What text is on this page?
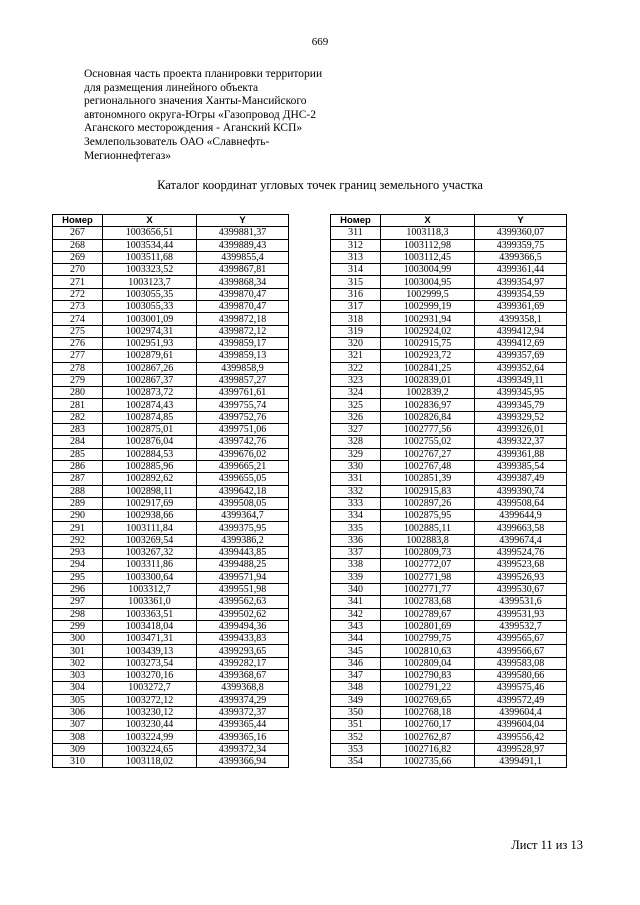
669
Основная часть проекта планировки территории
для размещения линейного объекта
регионального значения Ханты-Мансийского
автономного округа-Югры «Газопровод ДНС-2
Аганского месторождения - Аганский КСП»
Землепользователь ОАО «Славнефть-
Мегионнефтегаз»
Каталог координат угловых точек границ земельного участка
Номер	X	Y
267	1003656,51	4399881,37
268	1003534,44	4399889,43
269	1003511,68	4399855,4
270	1003323,52	4399867,81
271	1003123,7	4399868,34
272	1003055,35	4399870,47
273	1003055,33	4399870,47
274	1003001,09	4399872,18
275	1002974,31	4399872,12
276	1002951,93	4399859,17
277	1002879,61	4399859,13
278	1002867,26	4399858,9
279	1002867,37	4399857,27
280	1002873,72	4399761,61
281	1002874,43	4399755,74
282	1002874,85	4399752,76
283	1002875,01	4399751,06
284	1002876,04	4399742,76
285	1002884,53	4399676,02
286	1002885,96	4399665,21
287	1002892,62	4399655,05
288	1002898,11	4399642,18
289	1002917,69	4399508,05
290	1002938,66	4399364,7
291	1003111,84	4399375,95
292	1003269,54	4399386,2
293	1003267,32	4399443,85
294	1003311,86	4399488,25
295	1003300,64	4399571,94
296	1003312,7	4399551,98
297	1003361,0	4399562,63
298	1003363,51	4399502,62
299	1003418,04	4399494,36
300	1003471,31	4399433,83
301	1003439,13	4399293,65
302	1003273,54	4399282,17
303	1003270,16	4399368,67
304	1003272,7	4399368,8
305	1003272,12	4399374,29
306	1003230,12	4399372,37
307	1003230,44	4399365,44
308	1003224,99	4399365,16
309	1003224,65	4399372,34
310	1003118,02	4399366,94
Номер	X	Y
311	1003118,3	4399360,07
312	1003112,98	4399359,75
313	1003112,45	4399366,5
314	1003004,99	4399361,44
315	1003004,95	4399354,97
316	1002999,5	4399354,59
317	1002999,19	4399361,69
318	1002931,94	4399358,1
319	1002924,02	4399412,94
320	1002915,75	4399412,69
321	1002923,72	4399357,69
322	1002841,25	4399352,64
323	1002839,01	4399349,11
324	1002839,2	4399345,95
325	1002836,97	4399345,79
326	1002826,84	4399329,52
327	1002777,56	4399326,01
328	1002755,02	4399322,37
329	1002767,27	4399361,88
330	1002767,48	4399385,54
331	1002851,39	4399387,49
332	1002915,83	4399390,74
333	1002897,26	4399508,64
334	1002875,95	4399644,9
335	1002885,11	4399663,58
336	1002883,8	4399674,4
337	1002809,73	4399524,76
338	1002772,07	4399523,68
339	1002771,98	4399526,93
340	1002771,77	4399530,67
341	1002783,68	4399531,6
342	1002789,67	4399531,93
343	1002801,69	4399532,7
344	1002799,75	4399565,67
345	1002810,63	4399566,67
346	1002809,04	4399583,08
347	1002790,83	4399580,66
348	1002791,22	4399575,46
349	1002769,65	4399572,49
350	1002768,18	4399604,4
351	1002760,17	4399604,04
352	1002762,87	4399556,42
353	1002716,82	4399528,97
354	1002735,66	4399491,1
Лист 11 из 13
